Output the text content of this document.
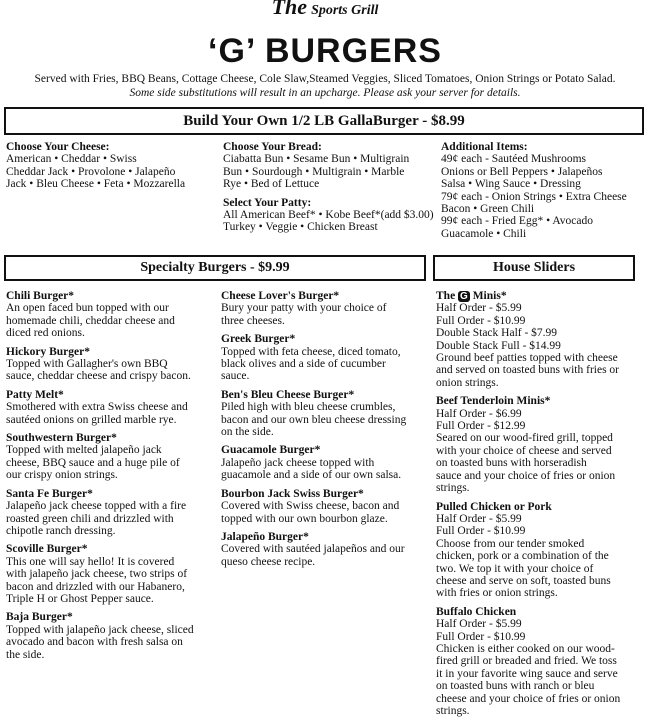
The Sports Grill
‘G’ BURGERS
Served with Fries, BBQ Beans, Cottage Cheese, Cole Slaw,Steamed Veggies, Sliced Tomatoes, Onion Strings or Potato Salad.
Some side substitutions will result in an upcharge. Please ask your server for details.
Build Your Own 1/2 LB GallaBurger - $8.99

Choose Your Cheese:

American • Cheddar • Swiss

Cheddar Jack • Provolone • Jalapeño

Jack • Bleu Cheese • Feta • Mozzarella

Choose Your Bread:

Ciabatta Bun • Sesame Bun • Multigrain

Bun • Sourdough • Multigrain • Marble

Rye • Bed of Lettuce

Select Your Patty:

All American Beef* • Kobe Beef*(add $3.00)

Turkey • Veggie • Chicken Breast

Additional Items:

49¢ each - Sautéed Mushrooms

Onions or Bell Peppers • Jalapeños

Salsa • Wing Sauce • Dressing

79¢ each - Onion Strings • Extra Cheese

Bacon • Green Chili

99¢ each - Fried Egg* • Avocado

Guacamole • Chili

Specialty Burgers - $9.99	House Sliders

Chili Burger*

An open faced bun topped with our

homemade chili, cheddar cheese and

diced red onions.

Hickory Burger*

Topped with Gallagher's own BBQ

sauce, cheddar cheese and crispy bacon.

Patty Melt*

Smothered with extra Swiss cheese and

sautéed onions on grilled marble rye.

Southwestern Burger*

Topped with melted jalapeño jack

cheese, BBQ sauce and a huge pile of

our crispy onion strings.

Santa Fe Burger*

Jalapeño jack cheese topped with a fire

roasted green chili and drizzled with

chipotle ranch dressing.

Scoville Burger*

This one will say hello! It is covered

with jalapeño jack cheese, two strips of

bacon and drizzled with our Habanero,

Triple H or Ghost Pepper sauce.

Baja Burger*

Topped with jalapeño jack cheese, sliced

avocado and bacon with fresh salsa on

the side.

Cheese Lover's Burger*

Bury your patty with your choice of

three cheeses.

Greek Burger*

Topped with feta cheese, diced tomato,

black olives and a side of cucumber

sauce.

Ben's Bleu Cheese Burger*

Piled high with bleu cheese crumbles,

bacon and our own bleu cheese dressing

on the side.

Guacamole Burger*

Jalapeño jack cheese topped with

guacamole and a side of our own salsa.

Bourbon Jack Swiss Burger*

Covered with Swiss cheese, bacon and

topped with our own bourbon glaze.

Jalapeño Burger*

Covered with sautéed jalapeños and our

queso cheese recipe.

The G Minis*

Half Order - $5.99

Full Order - $10.99

Double Stack Half - $7.99

Double Stack Full - $14.99

Ground beef patties topped with cheese

and served on toasted buns with fries or

onion strings.

Beef Tenderloin Minis*

Half Order - $6.99

Full Order - $12.99

Seared on our wood-fired grill, topped

with your choice of cheese and served

on toasted buns with horseradish

sauce and your choice of fries or onion

strings.

Pulled Chicken or Pork

Half Order - $5.99

Full Order - $10.99

Choose from our tender smoked

chicken, pork or a combination of the

two. We top it with your choice of

cheese and serve on soft, toasted buns

with fries or onion strings.

Buffalo Chicken

Half Order - $5.99

Full Order - $10.99

Chicken is either cooked on our wood-

fired grill or breaded and fried. We toss

it in your favorite wing sauce and serve

on toasted buns with ranch or bleu

cheese and your choice of fries or onion

strings.
